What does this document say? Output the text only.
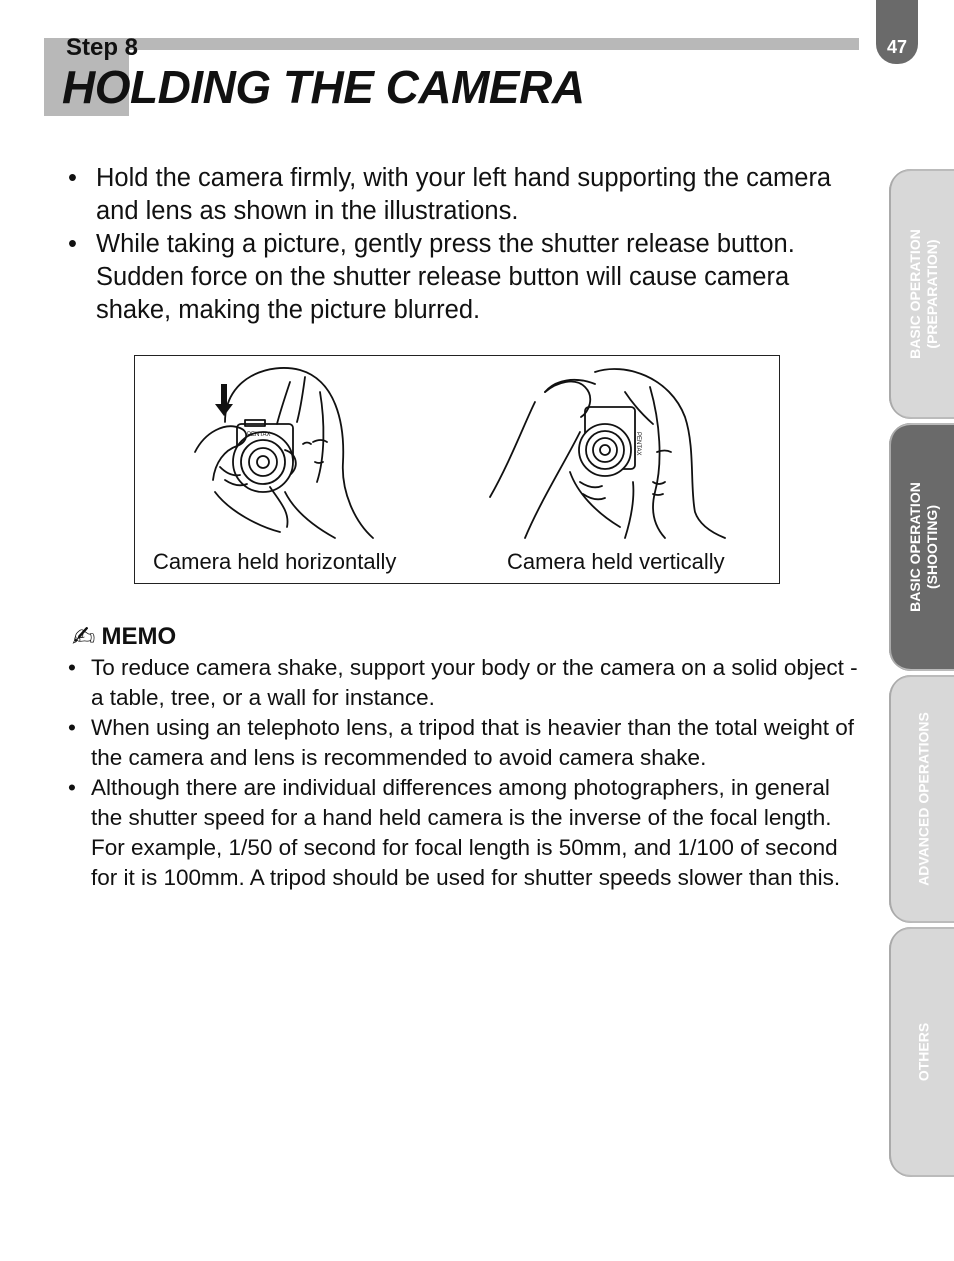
Step 8
HOLDING THE CAMERA
47
• Hold the camera firmly, with your left hand supporting the camera and lens as shown in the illustrations.
• While taking a picture, gently press the shutter release button. Sudden force on the shutter release button will cause camera shake, making the picture blurred.
PENTAX	PENTAX
Camera held horizontally	Camera held vertically
✍ MEMO
• To reduce camera shake, support your body or the camera on a solid object - a table, tree, or a wall for instance.
• When using an telephoto lens, a tripod that is heavier than the total weight of the camera and lens is recommended to avoid camera shake.
• Although there are individual differences among photographers, in general the shutter speed for a hand held camera is the inverse of the focal length. For example, 1/50 of second for focal length is 50mm, and 1/100 of second for it is 100mm. A tripod should be used for shutter speeds slower than this.
BASIC OPERATION
(PREPARATION)
BASIC OPERATION
(SHOOTING)
ADVANCED OPERATIONS
OTHERS
